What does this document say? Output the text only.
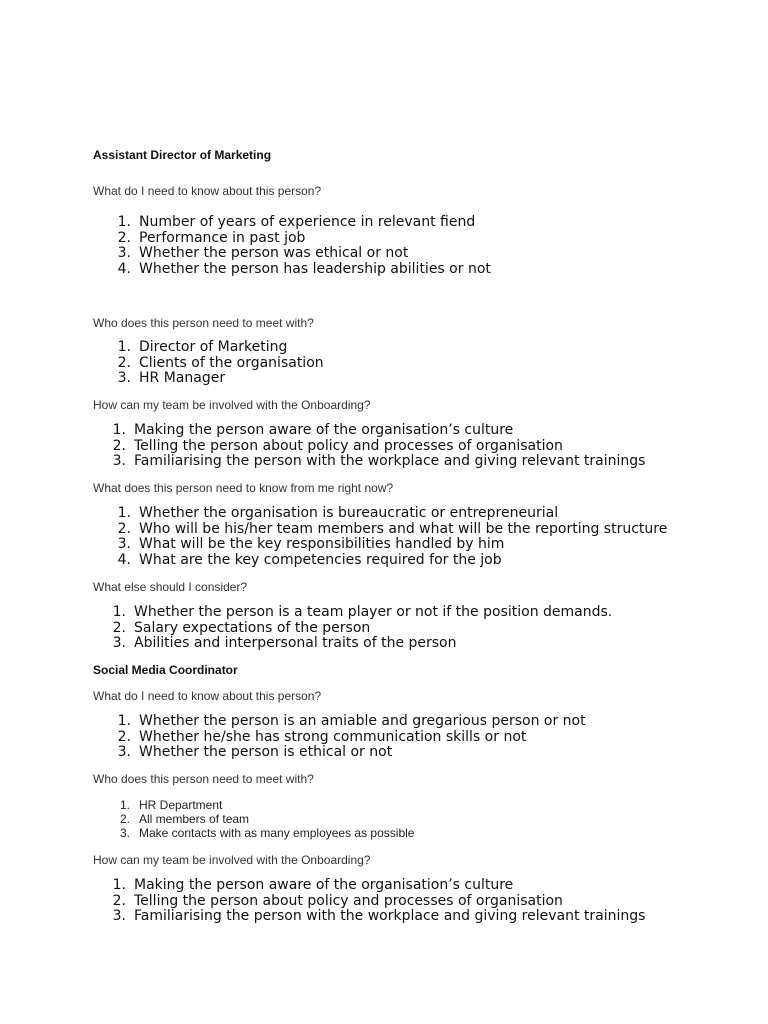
Assistant Director of Marketing
What do I need to know about this person?
1. Number of years of experience in relevant fiend
2. Performance in past job
3. Whether the person was ethical or not
4. Whether the person has leadership abilities or not
Who does this person need to meet with?
1. Director of Marketing
2. Clients of the organisation
3. HR Manager
How can my team be involved with the Onboarding?
1. Making the person aware of the organisation’s culture
2. Telling the person about policy and processes of organisation
3. Familiarising the person with the workplace and giving relevant trainings
What does this person need to know from me right now?
1. Whether the organisation is bureaucratic or entrepreneurial
2. Who will be his/her team members and what will be the reporting structure
3. What will be the key responsibilities handled by him
4. What are the key competencies required for the job
What else should I consider?
1. Whether the person is a team player or not if the position demands.
2. Salary expectations of the person
3. Abilities and interpersonal traits of the person
Social Media Coordinator
What do I need to know about this person?
1. Whether the person is an amiable and gregarious person or not
2. Whether he/she has strong communication skills or not
3. Whether the person is ethical or not
Who does this person need to meet with?
1. HR Department
2. All members of team
3. Make contacts with as many employees as possible
How can my team be involved with the Onboarding?
1. Making the person aware of the organisation’s culture
2. Telling the person about policy and processes of organisation
3. Familiarising the person with the workplace and giving relevant trainings
